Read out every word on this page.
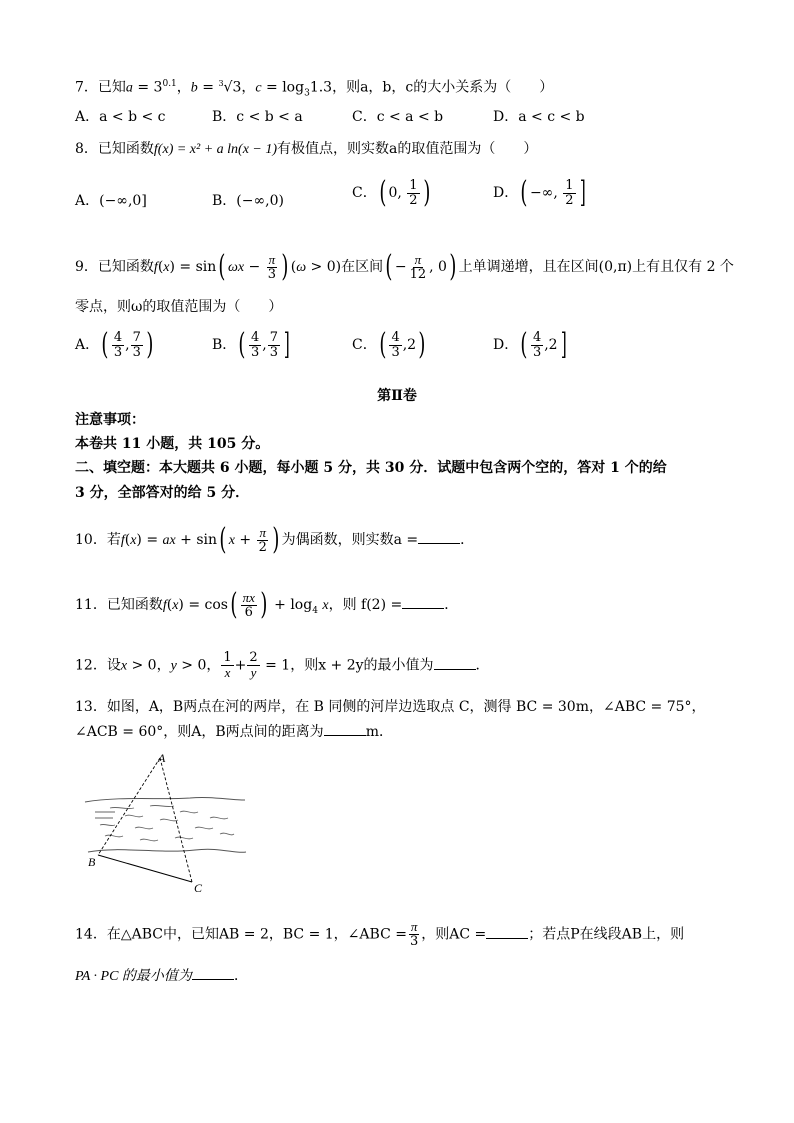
7．已知$a = 3^{0.1}$，b = $^3$√3，$c = \log_31.3$，则a，b，c的大小关系为（　　）
A．a < b < c	B．c < b < a	C．c < a < b	D．a < c < b
8．已知函数f(x) = x² + a ln(x − 1)有极值点，则实数a的取值范围为（　　）
A．(−∞,0]	B．(−∞,0)	C．( 0, $\frac{1}{2}$ )	D．( −∞, $\frac{1}{2}$ ]
9．已知函数f(x) = sin( $\omega x - \frac{\pi}{3}$ ) (ω > 0)在区间( − $\frac{\pi}{12}$ , 0) 上单调递增，且在区间(0,π)上有且仅有 2 个
零点，则ω的取值范围为（　　）
A．( $\frac{4}{3}$ , $\frac{7}{3}$ )	B．( $\frac{4}{3}$ , $\frac{7}{3}$ ]	C．( $\frac{4}{3} ,2$)	D．( $\frac{4}{3} ,2$]
第Ⅱ卷
注意事项：
本卷共 11 小题，共 105 分。
二、填空题：本大题共 6 小题，每小题 5 分，共 30 分．试题中包含两个空的，答对 1 个的给
3 分，全部答对的给 5 分．
10．若f(x) = ax + sin( $x + \frac{\pi}{2}$ ) 为偶函数，则实数a =	．
11．已知函数$f(x) = \cos( \frac{\pi x}{6}$ ) + $\log_4 x$，则 f(2) =	．
12．设x > 0，y > 0， $\frac{1}{x} + \frac{2}{y} = 1$，则x + 2y的最小值为	．
13．如图，A，B两点在河的两岸，在 B 同侧的河岸边选取点 C，测得 BC = 30m，∠ABC = 75°，
∠ACB = 60°，则A，B两点间的距离为	m．
A
B
C
14．在△ABC中，已知AB = 2，BC = 1，∠ABC = $\frac{\pi}{3}$ ，则AC =	；若点P在线段AB上，则
PA · PC 的最小值为	．
